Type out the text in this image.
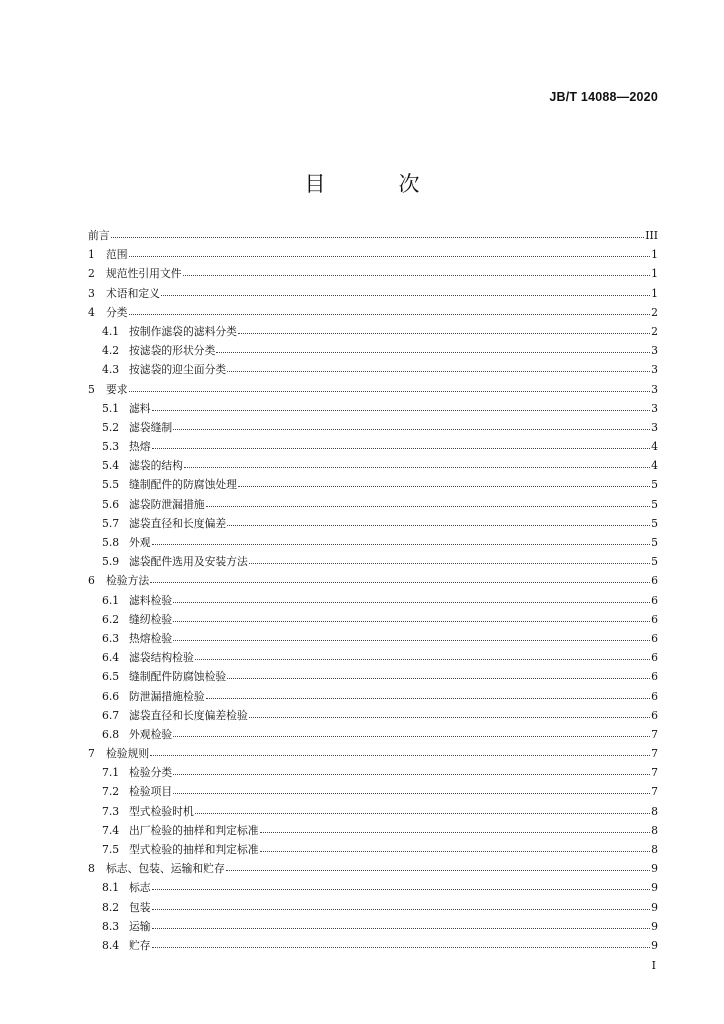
JB/T 14088—2020
目　次
前言	III
1	范围	1
2	规范性引用文件	1
3	术语和定义	1
4	分类	2
4.1 按制作滤袋的滤料分类	2
4.2 按滤袋的形状分类	3
4.3 按滤袋的迎尘面分类	3
5	要求	3
5.1 滤料	3
5.2 滤袋缝制	3
5.3 热熔	4
5.4 滤袋的结构	4
5.5 缝制配件的防腐蚀处理	5
5.6 滤袋防泄漏措施	5
5.7 滤袋直径和长度偏差	5
5.8 外观	5
5.9 滤袋配件选用及安装方法	5
6	检验方法	6
6.1 滤料检验	6
6.2 缝纫检验	6
6.3 热熔检验	6
6.4 滤袋结构检验	6
6.5 缝制配件防腐蚀检验	6
6.6 防泄漏措施检验	6
6.7 滤袋直径和长度偏差检验	6
6.8 外观检验	7
7	检验规则	7
7.1 检验分类	7
7.2 检验项目	7
7.3 型式检验时机	8
7.4 出厂检验的抽样和判定标准	8
7.5 型式检验的抽样和判定标准	8
8	标志、包装、运输和贮存	9
8.1 标志	9
8.2 包装	9
8.3 运输	9
8.4 贮存	9
I
